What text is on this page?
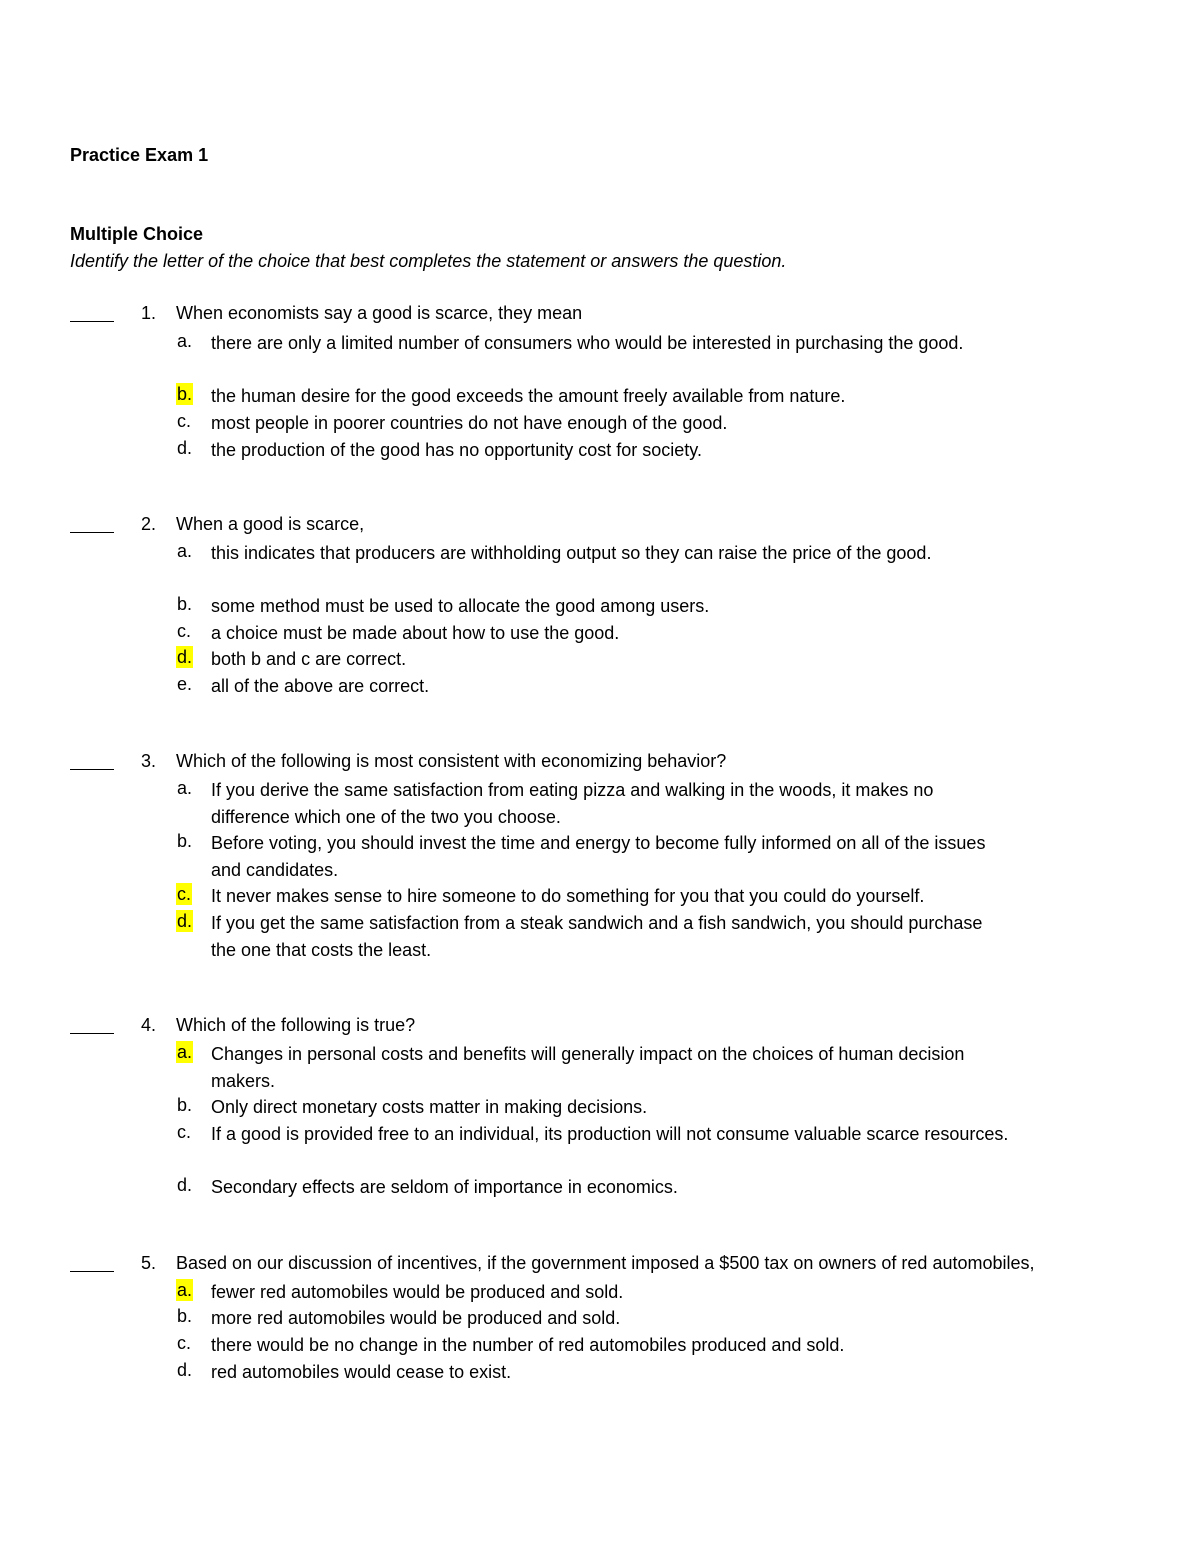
Practice Exam 1
Multiple Choice
Identify the letter of the choice that best completes the statement or answers the question.
1. When economists say a good is scarce, they mean
a. there are only a limited number of consumers who would be interested in purchasing the good.
b. the human desire for the good exceeds the amount freely available from nature.
c. most people in poorer countries do not have enough of the good.
d. the production of the good has no opportunity cost for society.
2. When a good is scarce,
a. this indicates that producers are withholding output so they can raise the price of the good.
b. some method must be used to allocate the good among users.
c. a choice must be made about how to use the good.
d. both b and c are correct.
e. all of the above are correct.
3. Which of the following is most consistent with economizing behavior?
a. If you derive the same satisfaction from eating pizza and walking in the woods, it makes no difference which one of the two you choose.
b. Before voting, you should invest the time and energy to become fully informed on all of the issues and candidates.
c. It never makes sense to hire someone to do something for you that you could do yourself.
d. If you get the same satisfaction from a steak sandwich and a fish sandwich, you should purchase the one that costs the least.
4. Which of the following is true?
a. Changes in personal costs and benefits will generally impact on the choices of human decision makers.
b. Only direct monetary costs matter in making decisions.
c. If a good is provided free to an individual, its production will not consume valuable scarce resources.
d. Secondary effects are seldom of importance in economics.
5. Based on our discussion of incentives, if the government imposed a $500 tax on owners of red automobiles,
a. fewer red automobiles would be produced and sold.
b. more red automobiles would be produced and sold.
c. there would be no change in the number of red automobiles produced and sold.
d. red automobiles would cease to exist.
